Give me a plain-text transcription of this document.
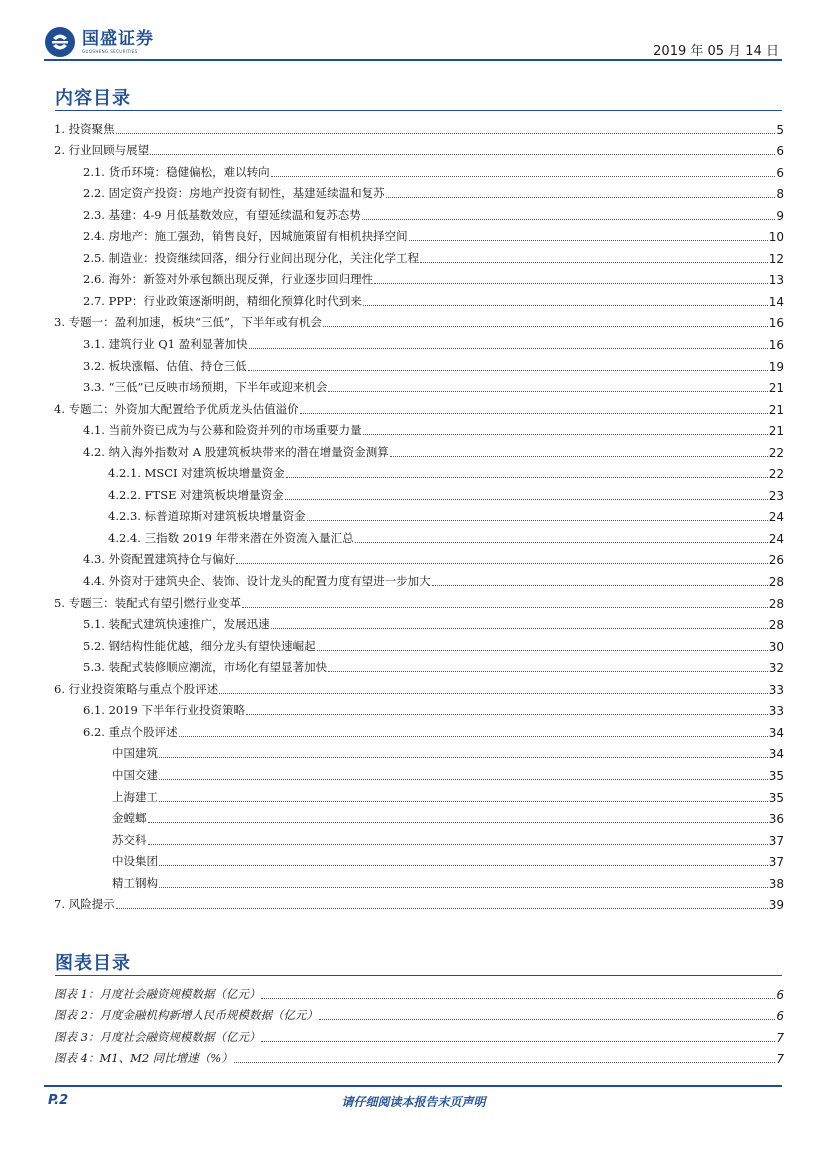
国盛证券
GUOSHENG SECURITIES	2019 年 05 月 14 日
内容目录
1. 投资聚焦	5
2. 行业回顾与展望	6
2.1. 货币环境：稳健偏松，难以转向	6
2.2. 固定资产投资：房地产投资有韧性，基建延续温和复苏	8
2.3. 基建：4-9 月低基数效应，有望延续温和复苏态势	9
2.4. 房地产：施工强劲，销售良好，因城施策留有相机抉择空间	10
2.5. 制造业：投资继续回落，细分行业间出现分化，关注化学工程	12
2.6. 海外：新签对外承包额出现反弹，行业逐步回归理性	13
2.7. PPP：行业政策逐渐明朗，精细化预算化时代到来	14
3. 专题一：盈利加速，板块“三低”，下半年或有机会	16
3.1. 建筑行业 Q1 盈利显著加快	16
3.2. 板块涨幅、估值、持仓三低	19
3.3. “三低”已反映市场预期，下半年或迎来机会	21
4. 专题二：外资加大配置给予优质龙头估值溢价	21
4.1. 当前外资已成为与公募和险资并列的市场重要力量	21
4.2. 纳入海外指数对 A 股建筑板块带来的潜在增量资金测算	22
4.2.1. MSCI 对建筑板块增量资金	22
4.2.2. FTSE 对建筑板块增量资金	23
4.2.3. 标普道琼斯对建筑板块增量资金	24
4.2.4. 三指数 2019 年带来潜在外资流入量汇总	24
4.3. 外资配置建筑持仓与偏好	26
4.4. 外资对于建筑央企、装饰、设计龙头的配置力度有望进一步加大	28
5. 专题三：装配式有望引燃行业变革	28
5.1. 装配式建筑快速推广，发展迅速	28
5.2. 钢结构性能优越，细分龙头有望快速崛起	30
5.3. 装配式装修顺应潮流，市场化有望显著加快	32
6. 行业投资策略与重点个股评述	33
6.1. 2019 下半年行业投资策略	33
6.2. 重点个股评述	34
中国建筑	34
中国交建	35
上海建工	35
金螳螂	36
苏交科	37
中设集团	37
精工钢构	38
7. 风险提示	39
图表目录
图表 1：月度社会融资规模数据（亿元）	6
图表 2：月度金融机构新增人民币规模数据（亿元）	6
图表 3：月度社会融资规模数据（亿元）	7
图表 4：M1、M2 同比增速（%）	7
P.2	请仔细阅读本报告末页声明
